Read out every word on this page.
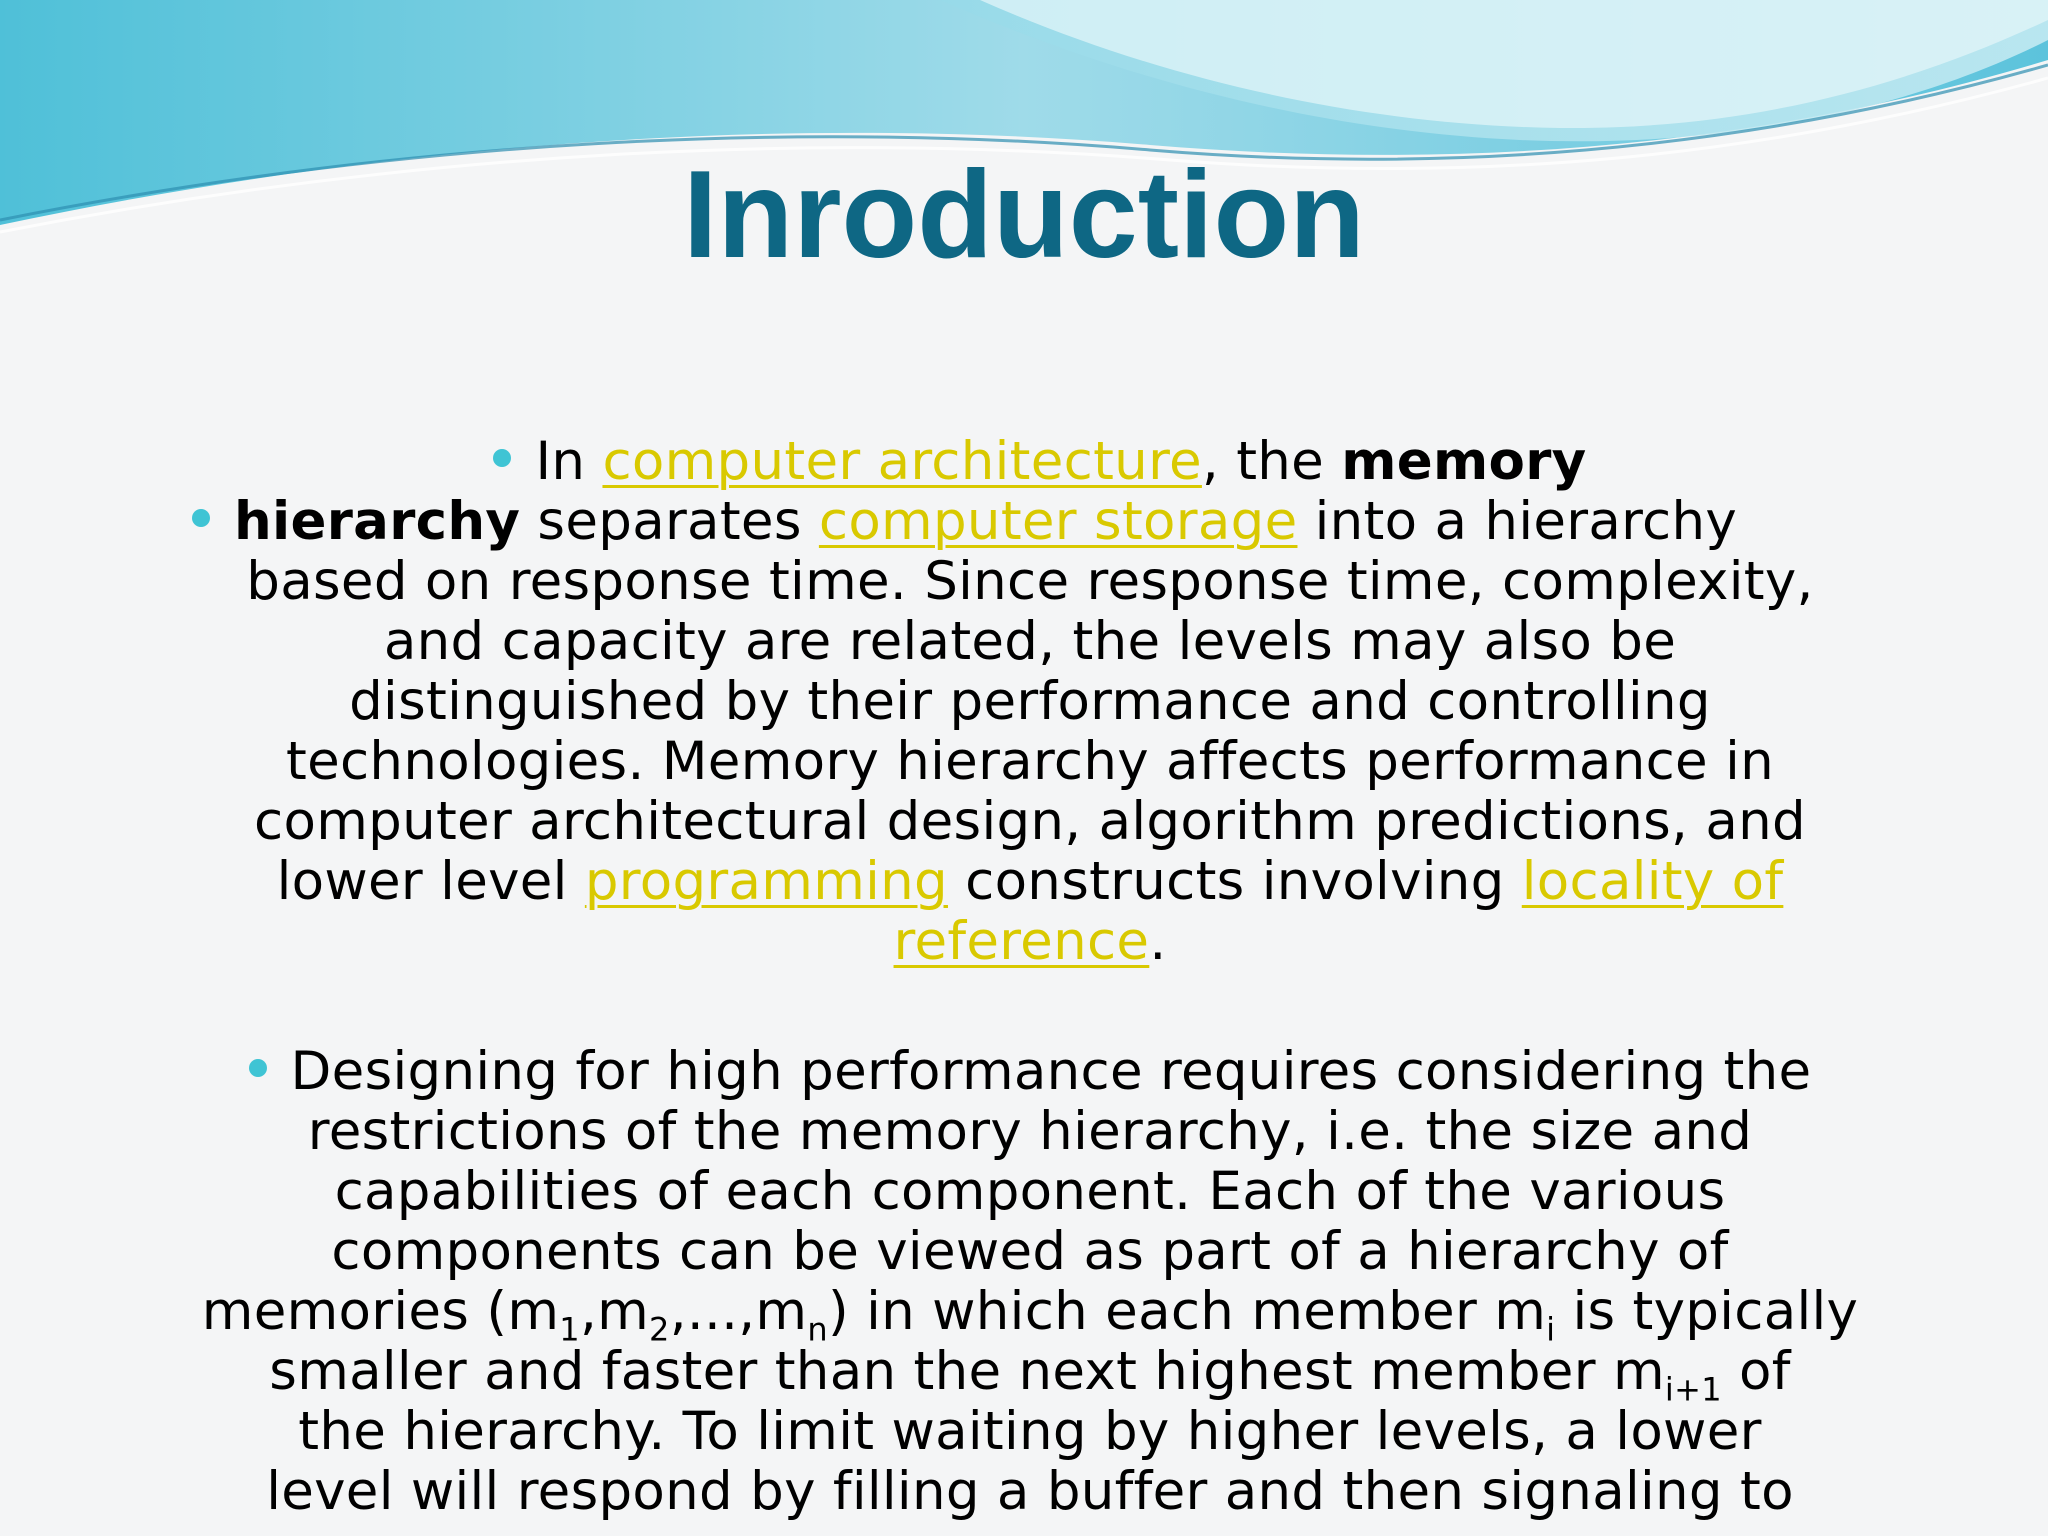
Inroduction
In computer architecture, the memory
hierarchy separates computer storage into a hierarchy
based on response time. Since response time, complexity,
and capacity are related, the levels may also be
distinguished by their performance and controlling
technologies. Memory hierarchy affects performance in
computer architectural design, algorithm predictions, and
lower level programming constructs involving locality of
reference.
Designing for high performance requires considering the
restrictions of the memory hierarchy, i.e. the size and
capabilities of each component. Each of the various
components can be viewed as part of a hierarchy of
memories $(m_1,m_2,...,m_n)$ in which each member $m_i$ is typically
smaller and faster than the next highest member $m_{i+1}$ of
the hierarchy. To limit waiting by higher levels, a lower
level will respond by filling a buffer and then signaling to
